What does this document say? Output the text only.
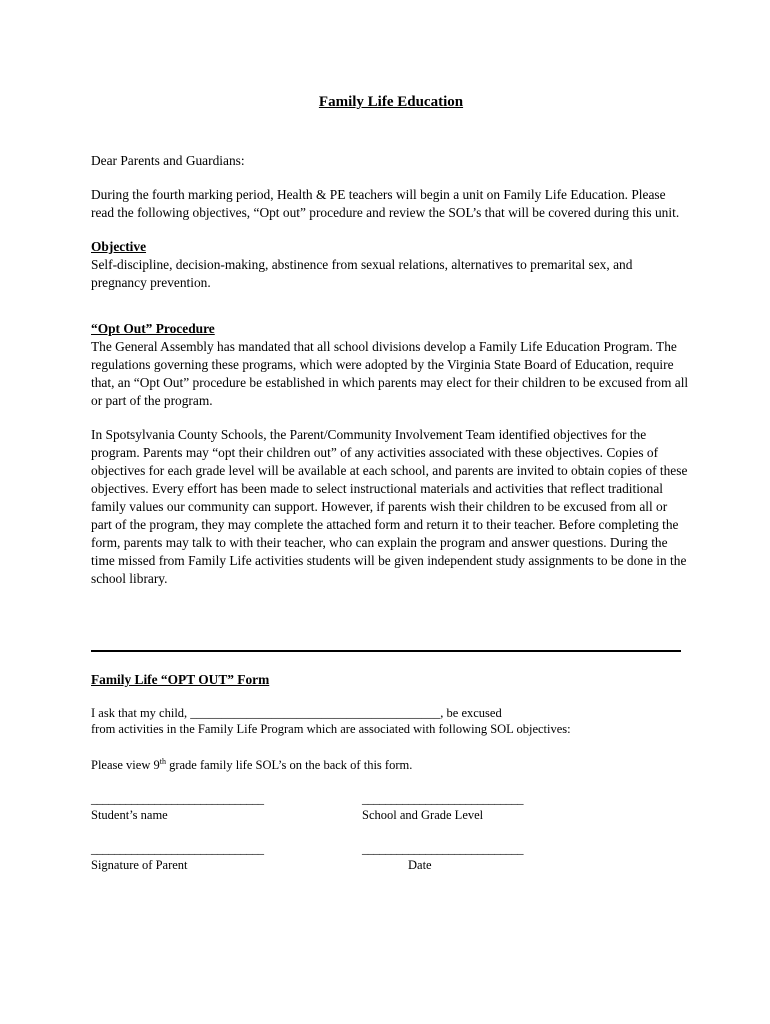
Family Life Education

Dear Parents and Guardians:

During the fourth marking period, Health & PE teachers will begin a unit on Family Life Education. Please read the following objectives, “Opt out” procedure and review the SOL’s that will be covered during this unit.

Objective

Self-discipline, decision-making, abstinence from sexual relations, alternatives to premarital sex, and pregnancy prevention.

“Opt Out” Procedure

The General Assembly has mandated that all school divisions develop a Family Life Education Program. The regulations governing these programs, which were adopted by the Virginia State Board of Education, require that, an “Opt Out” procedure be established in which parents may elect for their children to be excused from all or part of the program.

In Spotsylvania County Schools, the Parent/Community Involvement Team identified objectives for the program. Parents may “opt their children out” of any activities associated with these objectives. Copies of objectives for each grade level will be available at each school, and parents are invited to obtain copies of these objectives. Every effort has been made to select instructional materials and activities that reflect traditional family values our community can support. However, if parents wish their children to be excused from all or part of the program, they may complete the attached form and return it to their teacher. Before completing the form, parents may talk to with their teacher, who can explain the program and answer questions. During the time missed from Family Life activities students will be given independent study assignments to be done in the school library.

Family Life “OPT OUT” Form

I ask that my child, ________________________________________, be excused

from activities in the Family Life Program which are associated with following SOL objectives:

Please view 9th grade family life SOL’s on the back of this form.

______________________________
Student’s name
____________________________
School and Grade Level
______________________________
Signature of Parent
____________________________
Date
